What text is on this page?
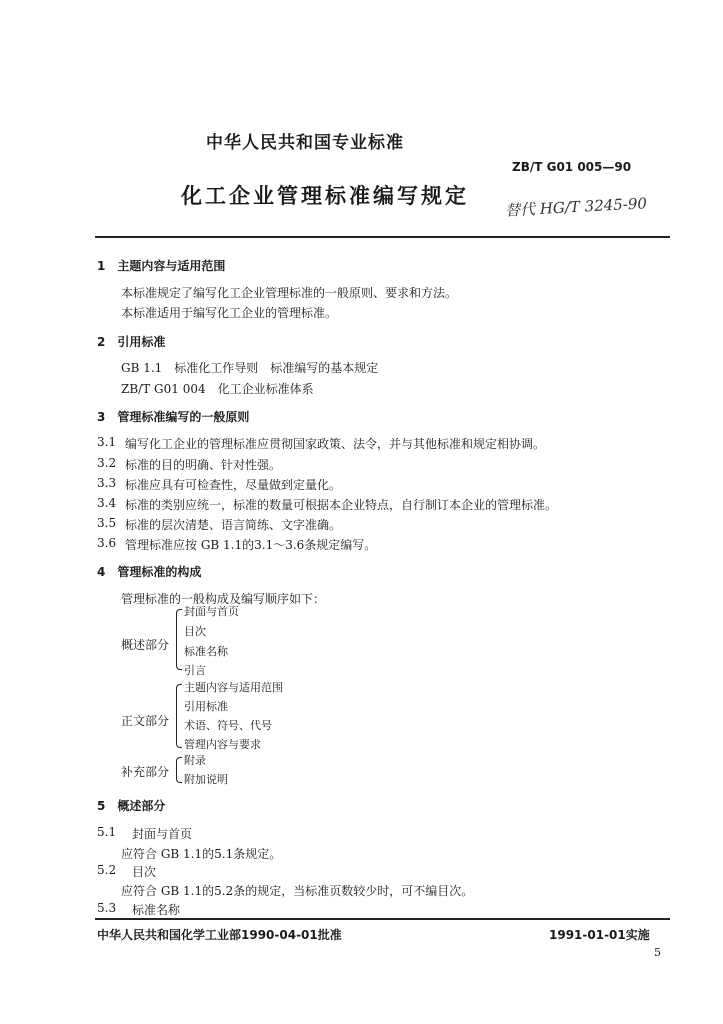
中华人民共和国专业标准
ZB/T G01 005—90
化工企业管理标准编写规定 替代 HG/T 3245-90
1　主题内容与适用范围
本标准规定了编写化工企业管理标准的一般原则、要求和方法。
本标准适用于编写化工企业的管理标准。
2　引用标准
GB 1.1　标准化工作导则　标准编写的基本规定
ZB/T G01 004　化工企业标准体系
3　管理标准编写的一般原则
3.1 编写化工企业的管理标准应贯彻国家政策、法令，并与其他标准和规定相协调。
3.2 标准的目的明确、针对性强。
3.3 标准应具有可检查性，尽量做到定量化。
3.4 标准的类别应统一，标准的数量可根据本企业特点，自行制订本企业的管理标准。
3.5 标准的层次清楚、语言简练、文字准确。
3.6 管理标准应按 GB 1.1的3.1～3.6条规定编写。
4　管理标准的构成
管理标准的一般构成及编写顺序如下：
概述部分
封面与首页
目次
标准名称
引言
正文部分
主题内容与适用范围
引用标准
术语、符号、代号
管理内容与要求
补充部分
附录
附加说明
5　概述部分
5.1 封面与首页
应符合 GB 1.1的5.1条规定。
5.2 目次
应符合 GB 1.1的5.2条的规定，当标准页数较少时，可不编目次。
5.3 标准名称
中华人民共和国化学工业部1990-04-01批准	1991-01-01实施
5
